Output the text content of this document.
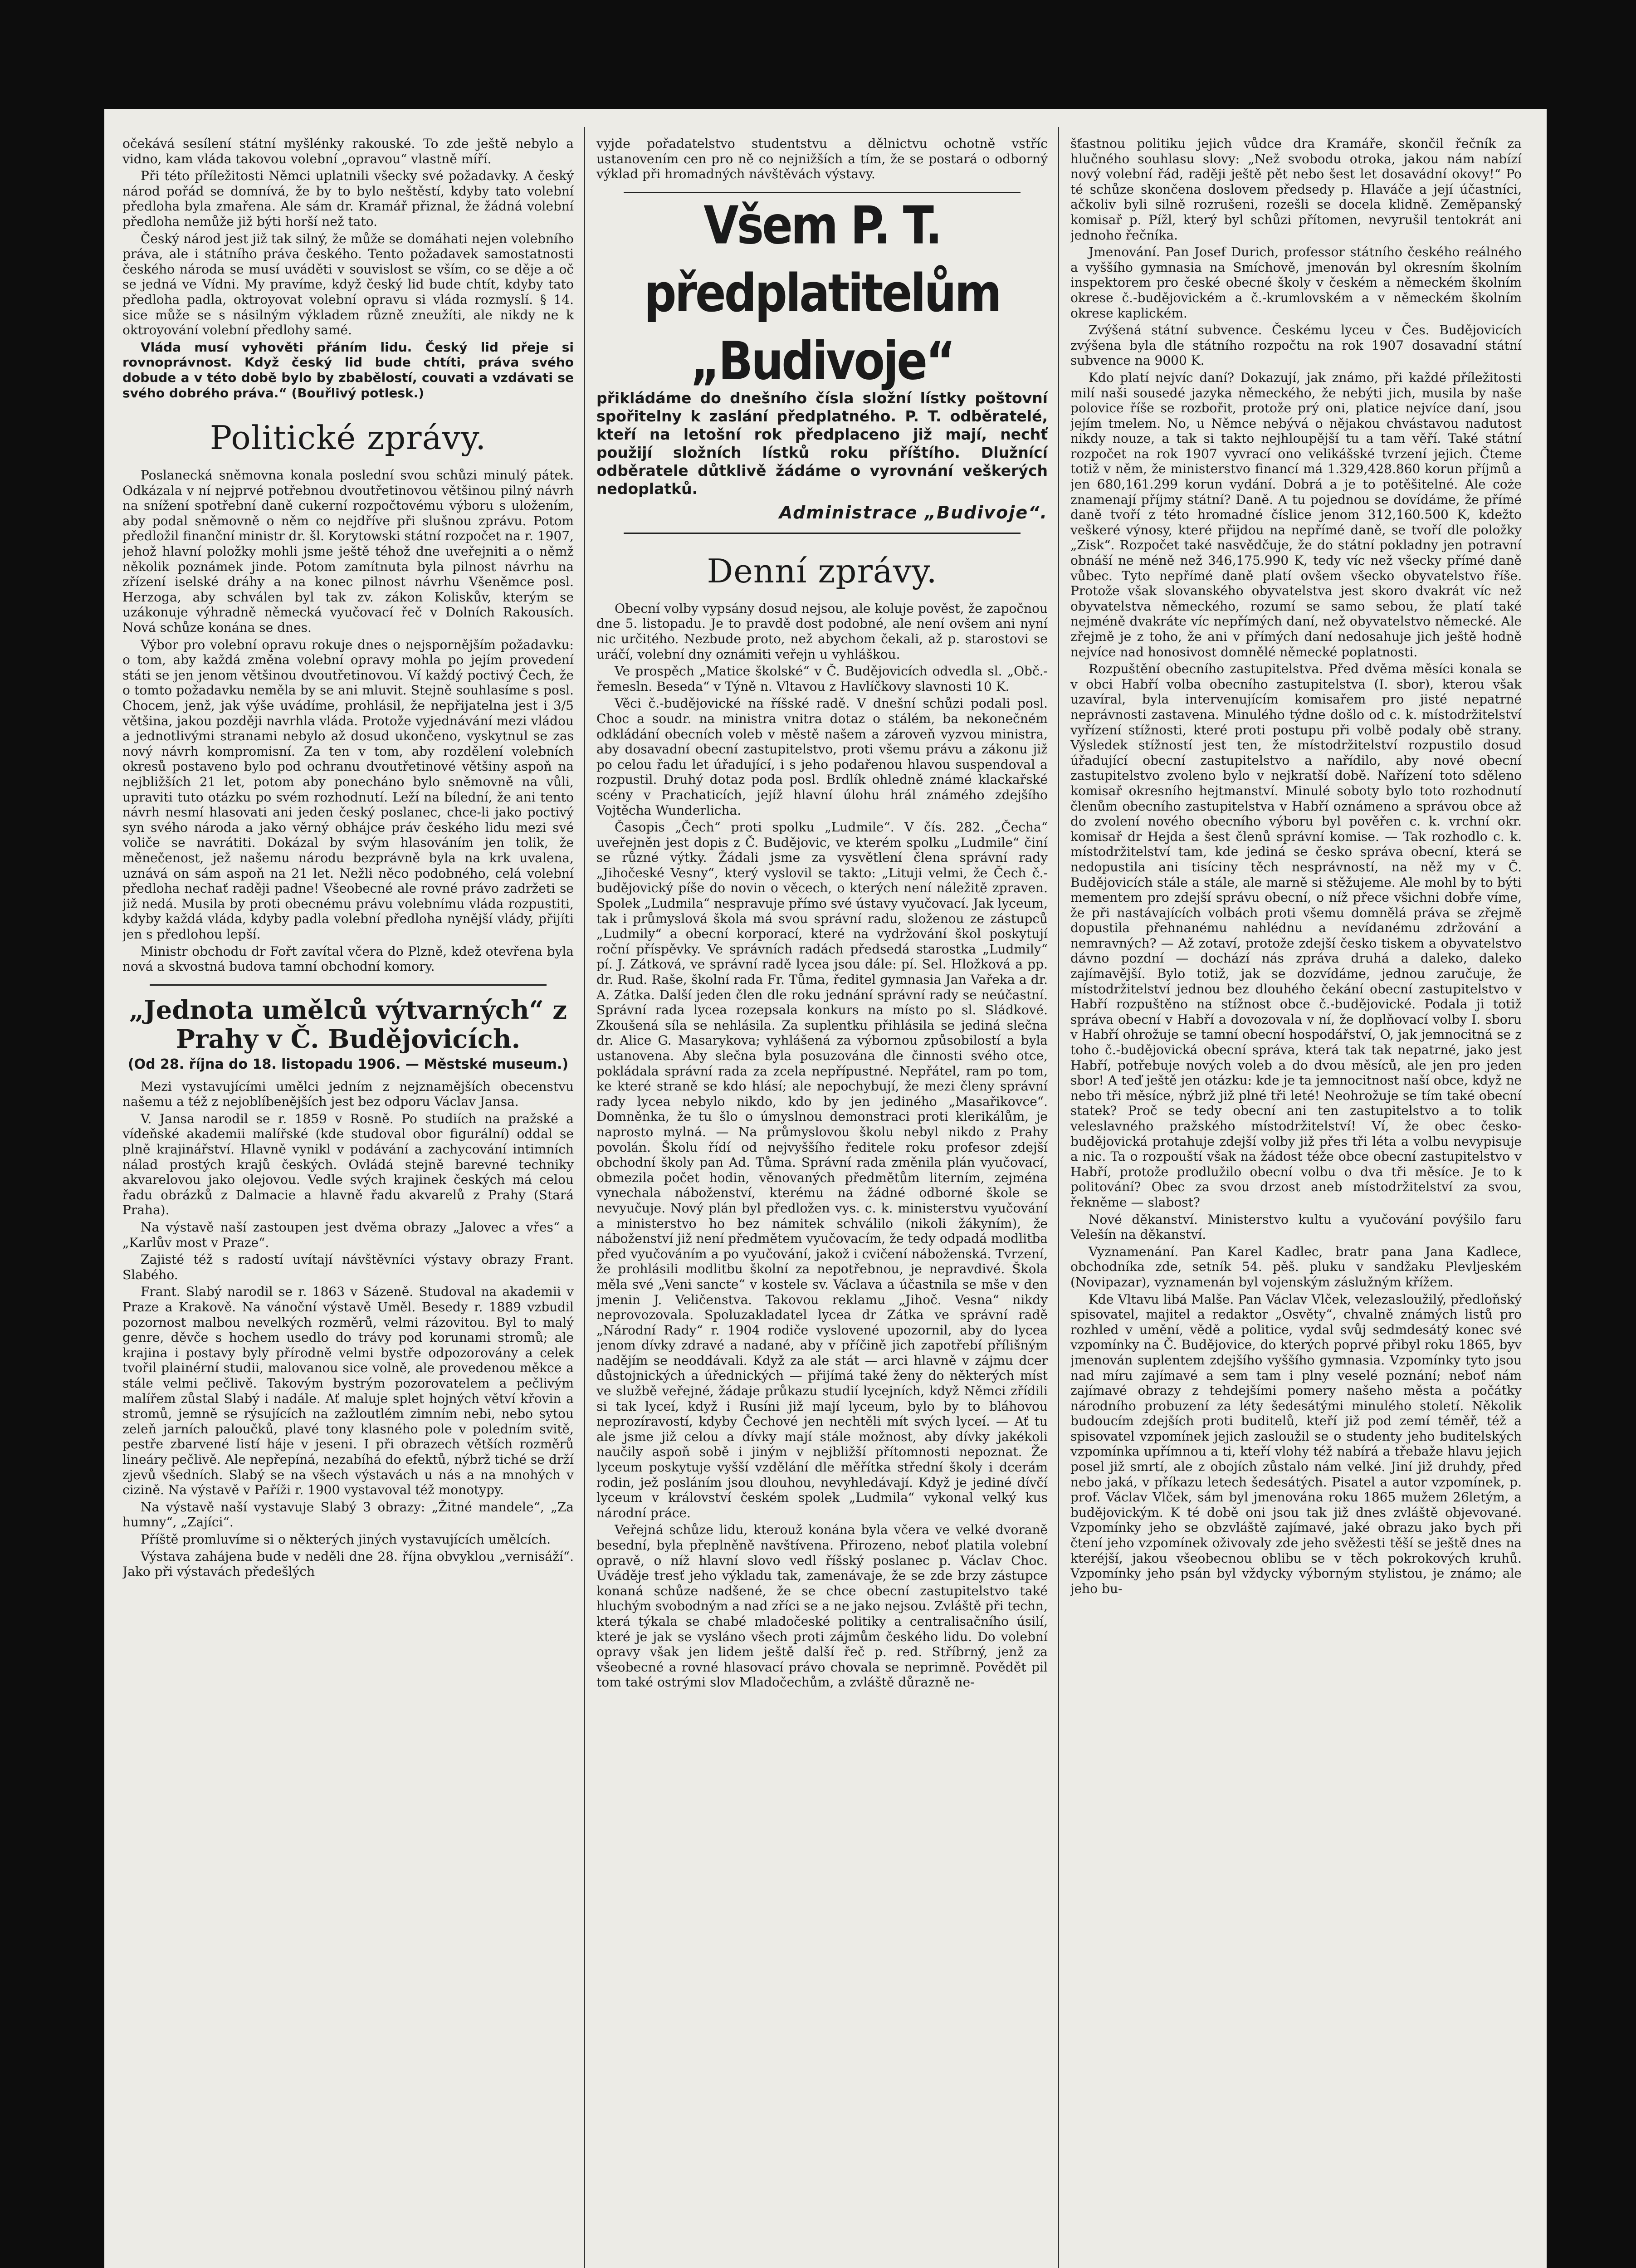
očekává sesílení státní myšlénky rakouské. To zde ještě nebylo a vidno, kam vláda takovou volební „opravou“ vlastně míří.

Při této příležitosti Němci uplatnili všecky své požadavky. A český národ pořád se domnívá, že by to bylo neštěstí, kdyby tato volební předloha byla zmařena. Ale sám dr. Kramář přiznal, že žádná volební předloha nemůže již býti horší než tato.

Český národ jest již tak silný, že může se domáhati nejen volebního práva, ale i státního práva českého. Tento požadavek samostatnosti českého národa se musí uváděti v souvislost se vším, co se děje a oč se jedná ve Vídni. My pravíme, když český lid bude chtít, kdyby tato předloha padla, oktroyovat volební opravu si vláda rozmyslí. § 14. sice může se s násilným výkladem různě zneužíti, ale nikdy ne k oktroyování volební předlohy samé.

Vláda musí vyhověti přáním lidu. Český lid přeje si rovnoprávnost. Když český lid bude chtíti, práva svého dobude a v této době bylo by zbabělostí, couvati a vzdávati se svého dobrého práva.“ (Bouřlivý potlesk.)

Politické zprávy.

Poslanecká sněmovna konala poslední svou schůzi minulý pátek. Odkázala v ní nejprvé potřebnou dvoutřetinovou většinou pilný návrh na snížení spotřební daně cukerní rozpočtovému výboru s uložením, aby podal sněmovně o něm co nejdříve při slušnou zprávu. Potom předložil finanční ministr dr. šl. Korytowski státní rozpočet na r. 1907, jehož hlavní položky mohli jsme ještě téhož dne uveřejniti a o němž několik poznámek jinde. Potom zamítnuta byla pilnost návrhu na zřízení iselské dráhy a na konec pilnost návrhu Všeněmce posl. Herzoga, aby schválen byl tak zv. zákon Koliskův, kterým se uzákonuje výhradně německá vyučovací řeč v Dolních Rakousích. Nová schůze konána se dnes.

Výbor pro volební opravu rokuje dnes o nejspornějším požadavku: o tom, aby každá změna volební opravy mohla po jejím provedení státi se jen jenom většinou dvoutřetinovou. Ví každý poctivý Čech, že o tomto požadavku neměla by se ani mluvit. Stejně souhlasíme s posl. Chocem, jenž, jak výše uvádíme, prohlásil, že nepřijatelna jest i 3/5 většina, jakou později navrhla vláda. Protože vyjednávání mezi vládou a jednotlivými stranami nebylo až dosud ukončeno, vyskytnul se zas nový návrh kompromisní. Za ten v tom, aby rozdělení volebních okresů postaveno bylo pod ochranu dvoutřetinové většiny aspoň na nejbližších 21 let, potom aby ponecháno bylo sněmovně na vůli, upraviti tuto otázku po svém rozhodnutí. Leží na bílední, že ani tento návrh nesmí hlasovati ani jeden český poslanec, chce-li jako poctivý syn svého národa a jako věrný obhájce práv českého lidu mezi své voliče se navrátiti. Dokázal by svým hlasováním jen tolik, že měnečenost, jež našemu národu bezprávně byla na krk uvalena, uznává on sám aspoň na 21 let. Nežli něco podobného, celá volební předloha nechať raději padne! Všeobecné ale rovné právo zadržeti se již nedá. Musila by proti obecnému právu volebnímu vláda rozpustiti, kdyby každá vláda, kdyby padla volební předloha nynější vlády, přijíti jen s předlohou lepší.

Ministr obchodu dr Fořt zavítal včera do Plzně, kdež otevřena byla nová a skvostná budova tamní obchodní komory.

„Jednota umělců výtvarných“ z Prahy v Č. Budějovicích.
(Od 28. října do 18. listopadu 1906. — Městské museum.)

Mezi vystavujícími umělci jedním z nejznamějších obecenstvu našemu a též z nejoblíbenějších jest bez odporu Václav Jansa.

V. Jansa narodil se r. 1859 v Rosně. Po studiích na pražské a vídeňské akademii malířské (kde studoval obor figurální) oddal se plně krajinářství. Hlavně vynikl v podávání a zachycování intimních nálad prostých krajů českých. Ovládá stejně barevné techniky akvarelovou jako olejovou. Vedle svých krajinek českých má celou řadu obrázků z Dalmacie a hlavně řadu akvarelů z Prahy (Stará Praha).

Na výstavě naší zastoupen jest dvěma obrazy „Jalovec a vřes“ a „Karlův most v Praze“.

Zajisté též s radostí uvítají návštěvníci výstavy obrazy Frant. Slabého.

Frant. Slabý narodil se r. 1863 v Sázeně. Studoval na akademii v Praze a Krakově. Na vánoční výstavě Uměl. Besedy r. 1889 vzbudil pozornost malbou nevelkých rozměrů, velmi rázovitou. Byl to malý genre, děvče s hochem usedlo do trávy pod korunami stromů; ale krajina i postavy byly přírodně velmi bystře odpozorovány a celek tvořil plainérní studii, malovanou sice volně, ale provedenou měkce a stále velmi pečlivě. Takovým bystrým pozorovatelem a pečlivým malířem zůstal Slabý i nadále. Ať maluje splet hojných větví křovin a stromů, jemně se rýsujících na zažloutlém zimním nebi, nebo sytou zeleň jarních paloučků, plavé tony klasného pole v poledním svitě, pestře zbarvené listí háje v jeseni. I při obrazech větších rozměrů lineáry pečlivě. Ale nepřepíná, nezabíhá do efektů, nýbrž tiché se drží zjevů všedních. Slabý se na všech výstavách u nás a na mnohých v cizině. Na výstavě v Paříži r. 1900 vystavoval též monotypy.

Na výstavě naší vystavuje Slabý 3 obrazy: „Žitné mandele“, „Za humny“, „Zajíci“.

Příště promluvíme si o některých jiných vystavujících umělcích.

Výstava zahájena bude v neděli dne 28. října obvyklou „vernisáží“. Jako při výstavách předešlých

vyjde pořadatelstvo studentstvu a dělnictvu ochotně vstříc ustanovením cen pro ně co nejnižších a tím, že se postará o odborný výklad při hromadných návštěvách výstavy.

Všem P. T. předplatitelům „Budivoje“

přikládáme do dnešního čísla složní lístky poštovní spořitelny k zaslání předplatného. P. T. odběratelé, kteří na letošní rok předplaceno již mají, nechť použijí složních lístků roku příštího. Dlužnící odběratele důtklivě žádáme o vyrovnání veškerých nedoplatků.

Administrace „Budivoje“.
Denní zprávy.

Obecní volby vypsány dosud nejsou, ale koluje pověst, že započnou dne 5. listopadu. Je to pravdě dost podobné, ale není ovšem ani nyní nic určitého. Nezbude proto, než abychom čekali, až p. starostovi se uráčí, volební dny oznámiti veřejn u vyhláškou.

Ve prospěch „Matice školské“ v Č. Budějovicích odvedla sl. „Obč.-řemesln. Beseda“ v Týně n. Vltavou z Havlíčkovy slavnosti 10 K.

Věci č.-budějovické na říšské radě. V dnešní schůzi podali posl. Choc a soudr. na ministra vnitra dotaz o stálém, ba nekonečném odkládání obecních voleb v městě našem a zároveň vyzvou ministra, aby dosavadní obecní zastupitelstvo, proti všemu právu a zákonu již po celou řadu let úřadující, i s jeho podařenou hlavou suspendoval a rozpustil. Druhý dotaz poda posl. Brdlík ohledně známé klackařské scény v Prachaticích, jejíž hlavní úlohu hrál známého zdejšího Vojtěcha Wunderlicha.

Časopis „Čech“ proti spolku „Ludmile“. V čís. 282. „Čecha“ uveřejněn jest dopis z Č. Budějovic, ve kterém spolku „Ludmile“ činí se různé výtky. Žádali jsme za vysvětlení člena správní rady „Jihočeské Vesny“, který vyslovil se takto: „Lituji velmi, že Čech č.-budějovický píše do novin o věcech, o kterých není náležitě zpraven. Spolek „Ludmila“ nespravuje přímo své ústavy vyučovací. Jak lyceum, tak i průmyslová škola má svou správní radu, složenou ze zástupců „Ludmily“ a obecní korporací, které na vydržování škol poskytují roční příspěvky. Ve správních radách předsedá starostka „Ludmily“ pí. J. Zátková, ve správní radě lycea jsou dále: pí. Sel. Hložková a pp. dr. Rud. Raše, školní rada Fr. Tůma, ředitel gymnasia Jan Vařeka a dr. A. Zátka. Další jeden člen dle roku jednání správní rady se neúčastní. Správní rada lycea rozepsala konkurs na místo po sl. Sládkové. Zkoušená síla se nehlásila. Za suplentku přihlásila se jediná slečna dr. Alice G. Masarykova; vyhlášená za výbornou způsobilostí a byla ustanovena. Aby slečna byla posuzována dle činnosti svého otce, pokládala správní rada za zcela nepřípustné. Nepřátel, ram po tom, ke které straně se kdo hlásí; ale nepochybují, že mezi členy správní rady lycea nebylo nikdo, kdo by jen jediného „Masařikovce“. Domněnka, že tu šlo o úmyslnou demonstraci proti klerikálům, je naprosto mylná. — Na průmyslovou školu nebyl nikdo z Prahy povolán. Školu řídí od nejvyššího ředitele roku profesor zdejší obchodní školy pan Ad. Tůma. Správní rada změnila plán vyučovací, obmezila počet hodin, věnovaných předmětům literním, zejména vynechala náboženství, kterému na žádné odborné škole se nevyučuje. Nový plán byl předložen vys. c. k. ministerstvu vyučování a ministerstvo ho bez námitek schválilo (nikoli žákyním), že náboženství již není předmětem vyučovacím, že tedy odpadá modlitba před vyučováním a po vyučování, jakož i cvičení náboženská. Tvrzení, že prohlásili modlitbu školní za nepotřebnou, je nepravdivé. Škola měla své „Veni sancte“ v kostele sv. Václava a účastnila se mše v den jmenin J. Veličenstva. Takovou reklamu „Jihoč. Vesna“ nikdy neprovozovala. Spoluzakladatel lycea dr Zátka ve správní radě „Národní Rady“ r. 1904 rodiče vyslovené upozornil, aby do lycea jenom dívky zdravé a nadané, aby v příčině jich zapotřebí přílišným nadějím se neoddávali. Když za ale stát — arci hlavně v zájmu dcer důstojnických a úřednických — přijímá také ženy do některých míst ve službě veřejné, žádaje průkazu studií lycejních, když Němci zřídili si tak lyceí, když i Rusíni již mají lyceum, bylo by to bláhovou neprozíravostí, kdyby Čechové jen nechtěli mít svých lyceí. — Ať tu ale jsme již celou a dívky mají stále možnost, aby dívky jakékoli naučily aspoň sobě i jiným v nejbližší přítomnosti nepoznat. Že lyceum poskytuje vyšší vzdělání dle měřítka střední školy i dcerám rodin, jež posláním jsou dlouhou, nevyhledávají. Když je jediné dívčí lyceum v království českém spolek „Ludmila“ vykonal velký kus národní práce.

Veřejná schůze lidu, kterouž konána byla včera ve velké dvoraně besední, byla přeplněně navštívena. Přirozeno, neboť platila volební opravě, o níž hlavní slovo vedl říšský poslanec p. Václav Choc. Uváděje tresť jeho výkladu tak, zamenávaje, že se zde brzy zástupce konaná schůze nadšené, že se chce obecní zastupitelstvo také hluchým svobodným a nad zříci se a ne jako nejsou. Zvláště při techn, která týkala se chabé mladočeské politiky a centralisačního úsilí, které je jak se vysláno všech proti zájmům českého lidu. Do volební opravy však jen lidem ještě další řeč p. red. Stříbrný, jenž za všeobecné a rovné hlasovací právo chovala se neprimně. Povědět pil tom také ostrými slov Mladočechům, a zvláště důrazně ne-

šťastnou politiku jejich vůdce dra Kramáře, skončil řečník za hlučného souhlasu slovy: „Než svobodu otroka, jakou nám nabízí nový volební řád, raději ještě pět nebo šest let dosavádní okovy!“ Po té schůze skončena doslovem předsedy p. Hlaváče a její účastníci, ačkoliv byli silně rozrušeni, rozešli se docela klidně. Zeměpanský komisař p. Pížl, který byl schůzi přítomen, nevyrušil tentokrát ani jednoho řečníka.

Jmenování. Pan Josef Durich, professor státního českého reálného a vyššího gymnasia na Smíchově, jmenován byl okresním školním inspektorem pro české obecné školy v českém a německém školním okrese č.-budějovickém a č.-krumlovském a v německém školním okrese kaplickém.

Zvýšená státní subvence. Českému lyceu v Čes. Budějovicích zvýšena byla dle státního rozpočtu na rok 1907 dosavadní státní subvence na 9000 K.

Kdo platí nejvíc daní? Dokazují, jak známo, při každé příležitosti milí naši sousedé jazyka německého, že nebýti jich, musila by naše polovice říše se rozbořit, protože prý oni, platice nejvíce daní, jsou jejím tmelem. No, u Němce nebývá o nějakou chvástavou nadutost nikdy nouze, a tak si takto nejhloupější tu a tam věří. Také státní rozpočet na rok 1907 vyvrací ono velikášské tvrzení jejich. Čteme totiž v něm, že ministerstvo financí má 1.329,428.860 korun příjmů a jen 680,161.299 korun vydání. Dobrá a je to potěšitelné. Ale coże znamenají příjmy státní? Daně. A tu pojednou se dovídáme, že přímé daně tvoří z této hromadné číslice jenom 312,160.500 K, kdežto veškeré výnosy, které přijdou na nepřímé daně, se tvoří dle položky „Zisk“. Rozpočet také nasvědčuje, že do státní pokladny jen potravní obnáší ne méně než 346,175.990 K, tedy víc než všecky přímé daně vůbec. Tyto nepřímé daně platí ovšem všecko obyvatelstvo říše. Protože však slovanského obyvatelstva jest skoro dvakrát víc než obyvatelstva německého, rozumí se samo sebou, že platí také nejméně dvakráte víc nepřímých daní, než obyvatelstvo německé. Ale zřejmě je z toho, že ani v přímých daní nedosahuje jich ještě hodně nejvíce nad honosivost domnělé německé poplatnosti.

Rozpuštění obecního zastupitelstva. Před dvěma měsíci konala se v obci Habří volba obecního zastupitelstva (I. sbor), kterou však uzavíral, byla intervenujícím komisařem pro jisté nepatrné neprávnosti zastavena. Minulého týdne došlo od c. k. místodržitelství vyřízení stížnosti, které proti postupu při volbě podaly obě strany. Výsledek stížností jest ten, že místodržitelství rozpustilo dosud úřadující obecní zastupitelstvo a nařídilo, aby nové obecní zastupitelstvo zvoleno bylo v nejkratší době. Nařízení toto sděleno komisař okresního hejtmanství. Minulé soboty bylo toto rozhodnutí členům obecního zastupitelstva v Habří oznámeno a správou obce až do zvolení nového obecního výboru byl pověřen c. k. vrchní okr. komisař dr Hejda a šest členů správní komise. — Tak rozhodlo c. k. místodržitelství tam, kde jediná se česko správa obecní, která se nedopustila ani tisíciny těch nesprávností, na něž my v Č. Budějovicích stále a stále, ale marně si stěžujeme. Ale mohl by to býti mementem pro zdejší správu obecní, o níž přece všichni dobře víme, že při nastávajících volbách proti všemu domnělá práva se zřejmě dopustila přehnanému nahlédnu a nevídanému zdržování a nemravných? — Až zotaví, protože zdejší česko tiskem a obyvatelstvo dávno pozdní — dochází nás zpráva druhá a daleko, daleko zajímavější. Bylo totiž, jak se dozvídáme, jednou zaručuje, že místodržitelství jednou bez dlouhého čekání obecní zastupitelstvo v Habří rozpuštěno na stížnost obce č.-budějovické. Podala ji totiž správa obecní v Habří a dovozovala v ní, že doplňovací volby I. sboru v Habří ohrožuje se tamní obecní hospodářství, O, jak jemnocitná se z toho č.-budějovická obecní správa, která tak tak nepatrné, jako jest Habří, potřebuje nových voleb a do dvou měsíců, ale jen pro jeden sbor! A teď ještě jen otázku: kde je ta jemnocitnost naší obce, když ne nebo tři měsíce, nýbrž již plné tři leté! Neohrožuje se tím také obecní statek? Proč se tedy obecní ani ten zastupitelstvo a to tolik veleslavného pražského místodržitelství! Ví, že obec česko-budějovická protahuje zdejší volby již přes tři léta a volbu nevypisuje a nic. Ta o rozpouští však na žádost téže obce obecní zastupitelstvo v Habří, protože prodlužilo obecní volbu o dva tři měsíce. Je to k politování? Obec za svou drzost aneb místodržitelství za svou, řekněme — slabost?

Nové děkanství. Ministerstvo kultu a vyučování povýšilo faru Velešín na děkanství.

Vyznamenání. Pan Karel Kadlec, bratr pana Jana Kadlece, obchodníka zde, setník 54. pěš. pluku v sandžaku Plevljeském (Novipazar), vyznamenán byl vojenským záslužným křížem.

Kde Vltavu libá Malše. Pan Václav Vlček, velezasloužilý, předloňský spisovatel, majitel a redaktor „Osvěty“, chvalně známých listů pro rozhled v umění, vědě a politice, vydal svůj sedmdesátý konec své vzpomínky na Č. Budějovice, do kterých poprvé přibyl roku 1865, byv jmenován suplentem zdejšího vyššího gymnasia. Vzpomínky tyto jsou nad míru zajímavé a sem tam i plny veselé poznání; neboť nám zajímavé obrazy z tehdejšími pomery našeho města a počátky národního probuzení za léty šedesátými minulého století. Několik budoucím zdejších proti buditelů, kteří již pod zemí téměř, též a spisovatel vzpomínek jejich zasloužil se o studenty jeho buditelských vzpomínka upřímnou a ti, kteří vlohy též nabírá a třebaže hlavu jejich posel již smrtí, ale z obojích zůstalo nám velké. Jiní již druhdy, před nebo jaká, v příkazu letech šedesátých. Pisatel a autor vzpomínek, p. prof. Václav Vlček, sám byl jmenována roku 1865 mužem 26letým, a budějovickým. K té době oni jsou tak již dnes zvláště objevované. Vzpomínky jeho se obzvláště zajímavé, jaké obrazu jako bych při čtení jeho vzpomínek oživovaly zde jeho svěžesti těší se ještě dnes na kteréjší, jakou všeobecnou oblibu se v těch pokrokových kruhů. Vzpomínky jeho psán byl vždycky výborným stylistou, je známo; ale jeho bu-
